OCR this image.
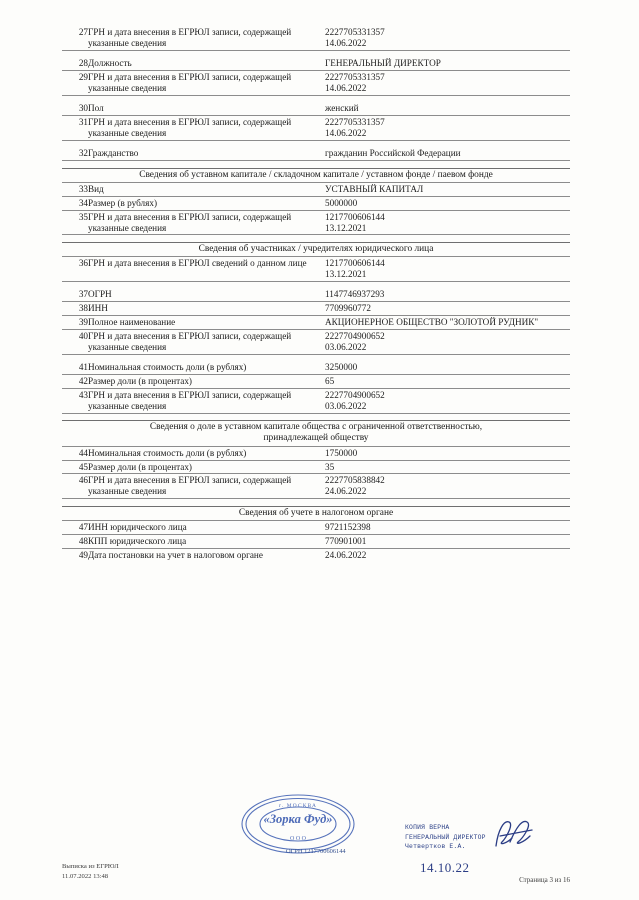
27	ГРН и дата внесения в ЕГРЮЛ записи, содержащей указанные сведения	2227705331357
14.06.2022

28	Должность	ГЕНЕРАЛЬНЫЙ ДИРЕКТОР

29	ГРН и дата внесения в ЕГРЮЛ записи, содержащей указанные сведения	2227705331357
14.06.2022

30	Пол	женский

31	ГРН и дата внесения в ЕГРЮЛ записи, содержащей указанные сведения	2227705331357
14.06.2022

32	Гражданство	гражданин Российской Федерации

Сведения об уставном капитале / складочном капитале / уставном фонде / паевом фонде		
33	Вид	УСТАВНЫЙ КАПИТАЛ

34	Размер (в рублях)	5000000

35	ГРН и дата внесения в ЕГРЮЛ записи, содержащей указанные сведения	1217700606144
13.12.2021

Сведения об участниках / учредителях юридического лица		
36	ГРН и дата внесения в ЕГРЮЛ сведений о данном лице	1217700606144
13.12.2021

37	ОГРН	1147746937293

38	ИНН	7709960772

39	Полное наименование	АКЦИОНЕРНОЕ ОБЩЕСТВО "ЗОЛОТОЙ РУДНИК"
40	ГРН и дата внесения в ЕГРЮЛ записи, содержащей указанные сведения	2227704900652
03.06.2022

41	Номинальная стоимость доли (в рублях)	3250000
42	Размер доли (в процентах)	65
43	ГРН и дата внесения в ЕГРЮЛ записи, содержащей указанные сведения	2227704900652
03.06.2022

Сведения о доле в уставном капитале общества с ограниченной ответственностью,
принадлежащей обществу		
44	Номинальная стоимость доли (в рублях)	1750000
45	Размер доли (в процентах)	35
46	ГРН и дата внесения в ЕГРЮЛ записи, содержащей указанные сведения	2227705838842
24.06.2022

Сведения об учете в налогоном органе		
47	ИНН юридического лица	9721152398
48	КПП юридического лица	770901001
49	Дата постановки на учет в налоговом органе	24.06.2022
«Зорка Фуд»
О О О
г. МОСКВА
ОГРН 1217700606144
КОПИЯ ВЕРНА
ГЕНЕРАЛЬНЫЙ ДИРЕКТОР
Четвертков Е.А.
14.10.22
Выписка из ЕГРЮЛ
11.07.2022 13:48	Страница 3 из 16
